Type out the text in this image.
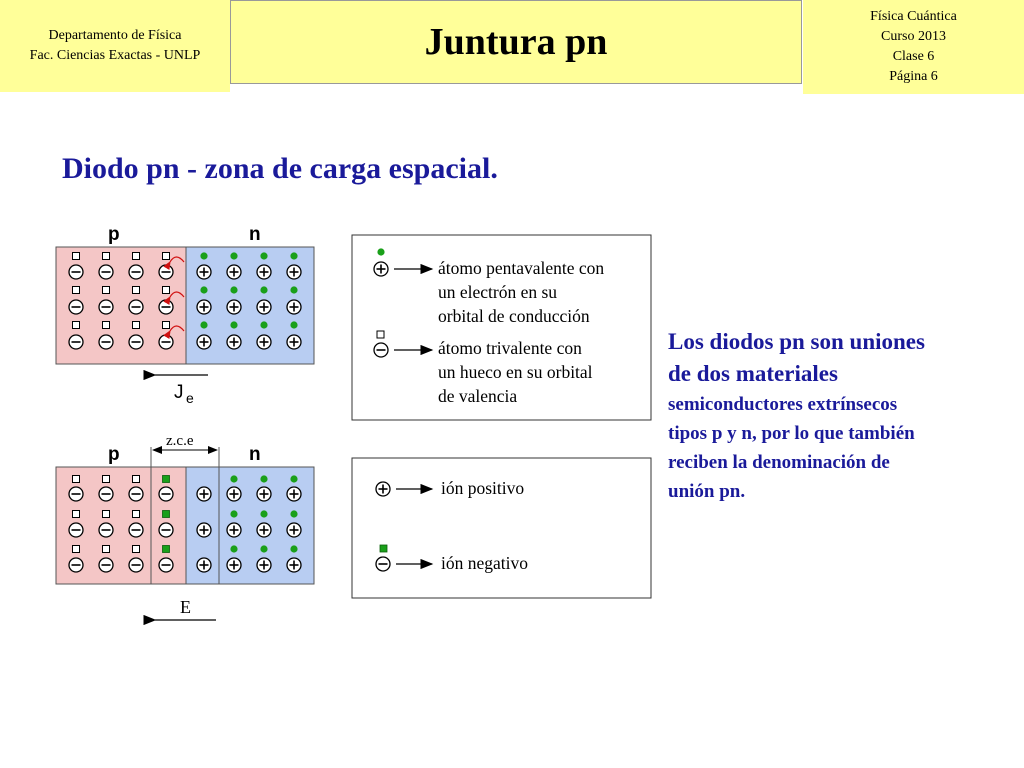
Departamento de Física
Fac. Ciencias Exactas - UNLP	Juntura pn
Física Cuántica
Curso 2013
Clase 6
Página 6
Diodo pn - zona de carga espacial.
p	n
J e
p	n
z.c.e
E
átomo pentavalente con un electrón en su orbital de conducción átomo trivalente con un hueco en su orbital de valencia
ión positivo
ión negativo
Los diodos pn son uniones
de dos materiales
semiconductores extrínsecos
tipos p y n, por lo que también
reciben la denominación de
unión pn.
